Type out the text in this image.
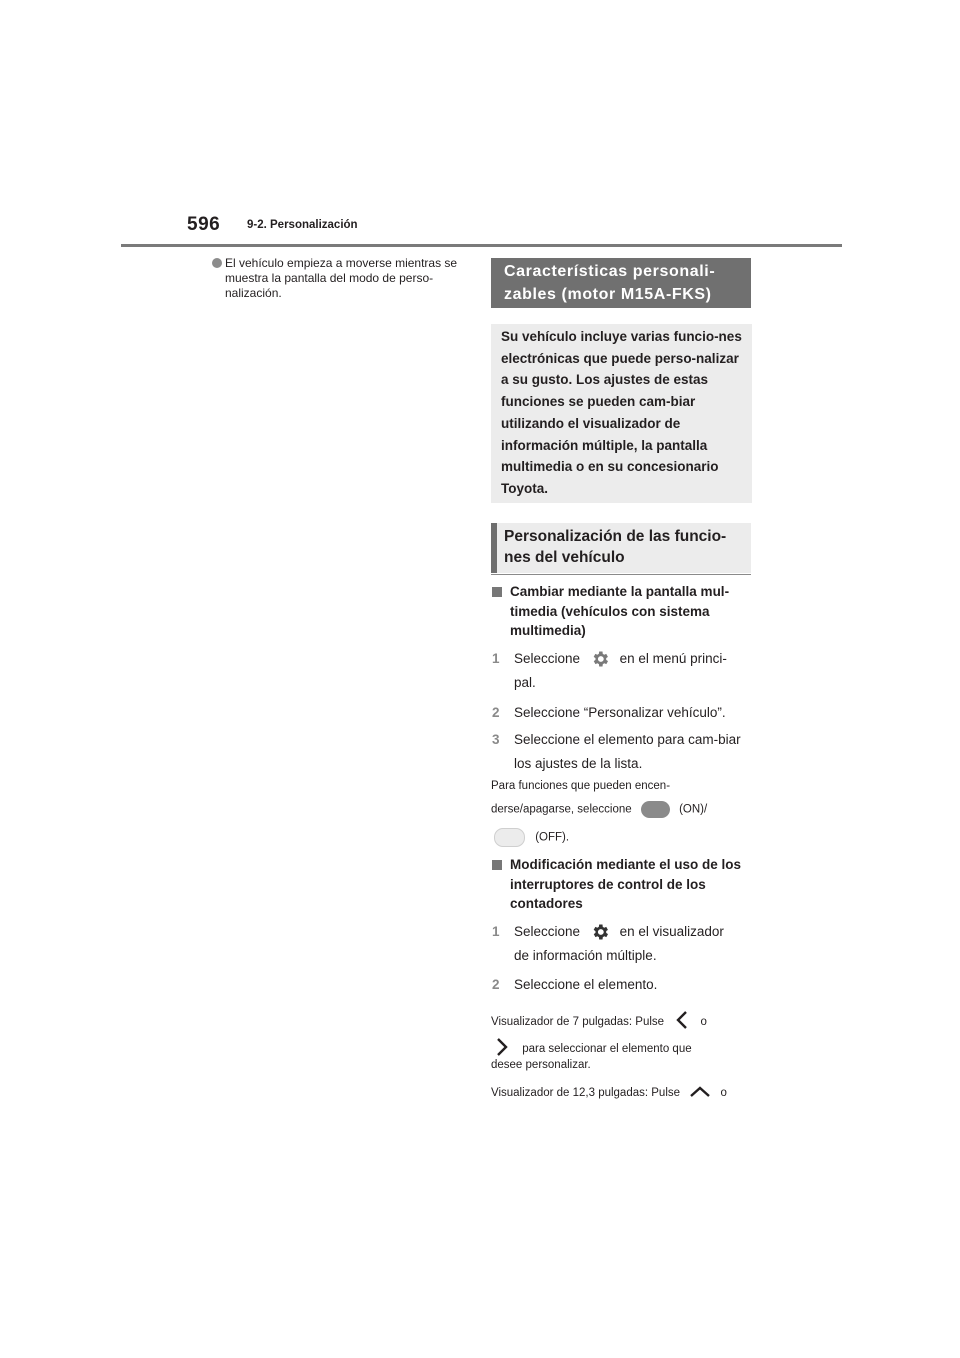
596 9-2. Personalización

El vehículo empieza a moverse mientras se muestra la pantalla del modo de perso-nalización.

Características personali-zables (motor M15A-FKS)

Su vehículo incluye varias funcio-nes electrónicas que puede perso-nalizar a su gusto. Los ajustes de estas funciones se pueden cam-biar utilizando el visualizador de información múltiple, la pantalla multimedia o en su concesionario Toyota.

Personalización de las funcio-nes del vehículo

Cambiar mediante la pantalla mul-timedia (vehículos con sistema multimedia)

1 Seleccione	en el menú princi-
pal.

2 Seleccione “Personalizar vehículo”.

3 Seleccione el elemento para cam-biar los ajustes de la lista.

Para funciones que pueden encen-
derse/apagarse, seleccione	(ON)/
(OFF).

Modificación mediante el uso de los interruptores de control de los contadores

1 Seleccione	en el visualizador
de información múltiple.

2 Seleccione el elemento.

Visualizador de 7 pulgadas: Pulse	o
para seleccionar el elemento que
desee personalizar.
Visualizador de 12,3 pulgadas: Pulse	o
